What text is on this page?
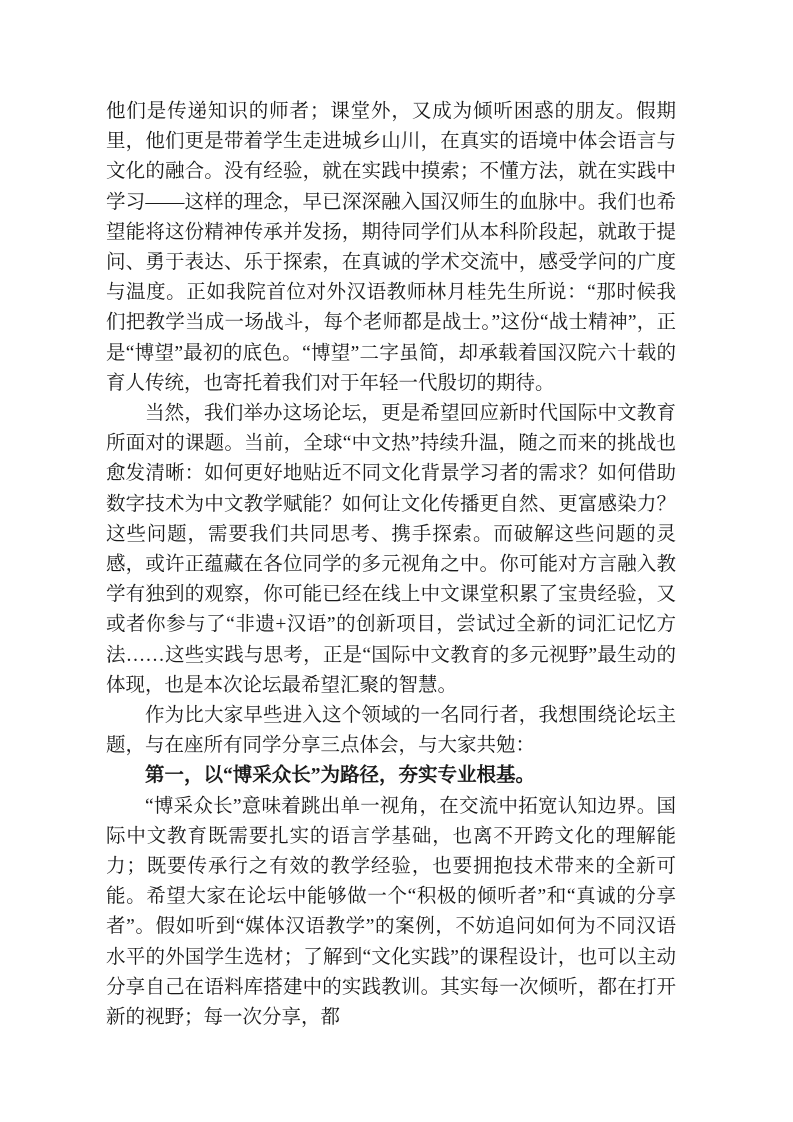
他们是传递知识的师者；课堂外，又成为倾听困惑的朋友。假期里，他们更是带着学生走进城乡山川，在真实的语境中体会语言与文化的融合。没有经验，就在实践中摸索；不懂方法，就在实践中学习——这样的理念，早已深深融入国汉师生的血脉中。我们也希望能将这份精神传承并发扬，期待同学们从本科阶段起，就敢于提问、勇于表达、乐于探索，在真诚的学术交流中，感受学问的广度与温度。正如我院首位对外汉语教师林月桂先生所说：“那时候我们把教学当成一场战斗，每个老师都是战士。”这份“战士精神”，正是“博望”最初的底色。“博望”二字虽简，却承载着国汉院六十载的育人传统，也寄托着我们对于年轻一代殷切的期待。

当然，我们举办这场论坛，更是希望回应新时代国际中文教育所面对的课题。当前，全球“中文热”持续升温，随之而来的挑战也愈发清晰：如何更好地贴近不同文化背景学习者的需求？如何借助数字技术为中文教学赋能？如何让文化传播更自然、更富感染力？这些问题，需要我们共同思考、携手探索。而破解这些问题的灵感，或许正蕴藏在各位同学的多元视角之中。你可能对方言融入教学有独到的观察，你可能已经在线上中文课堂积累了宝贵经验，又或者你参与了“非遗+汉语”的创新项目，尝试过全新的词汇记忆方法……这些实践与思考，正是“国际中文教育的多元视野”最生动的体现，也是本次论坛最希望汇聚的智慧。

作为比大家早些进入这个领域的一名同行者，我想围绕论坛主题，与在座所有同学分享三点体会，与大家共勉：

第一，以“博采众长”为路径，夯实专业根基。

“博采众长”意味着跳出单一视角，在交流中拓宽认知边界。国际中文教育既需要扎实的语言学基础，也离不开跨文化的理解能力；既要传承行之有效的教学经验，也要拥抱技术带来的全新可能。希望大家在论坛中能够做一个“积极的倾听者”和“真诚的分享者”。假如听到“媒体汉语教学”的案例，不妨追问如何为不同汉语水平的外国学生选材；了解到“文化实践”的课程设计，也可以主动分享自己在语料库搭建中的实践教训。其实每一次倾听，都在打开新的视野；每一次分享，都
